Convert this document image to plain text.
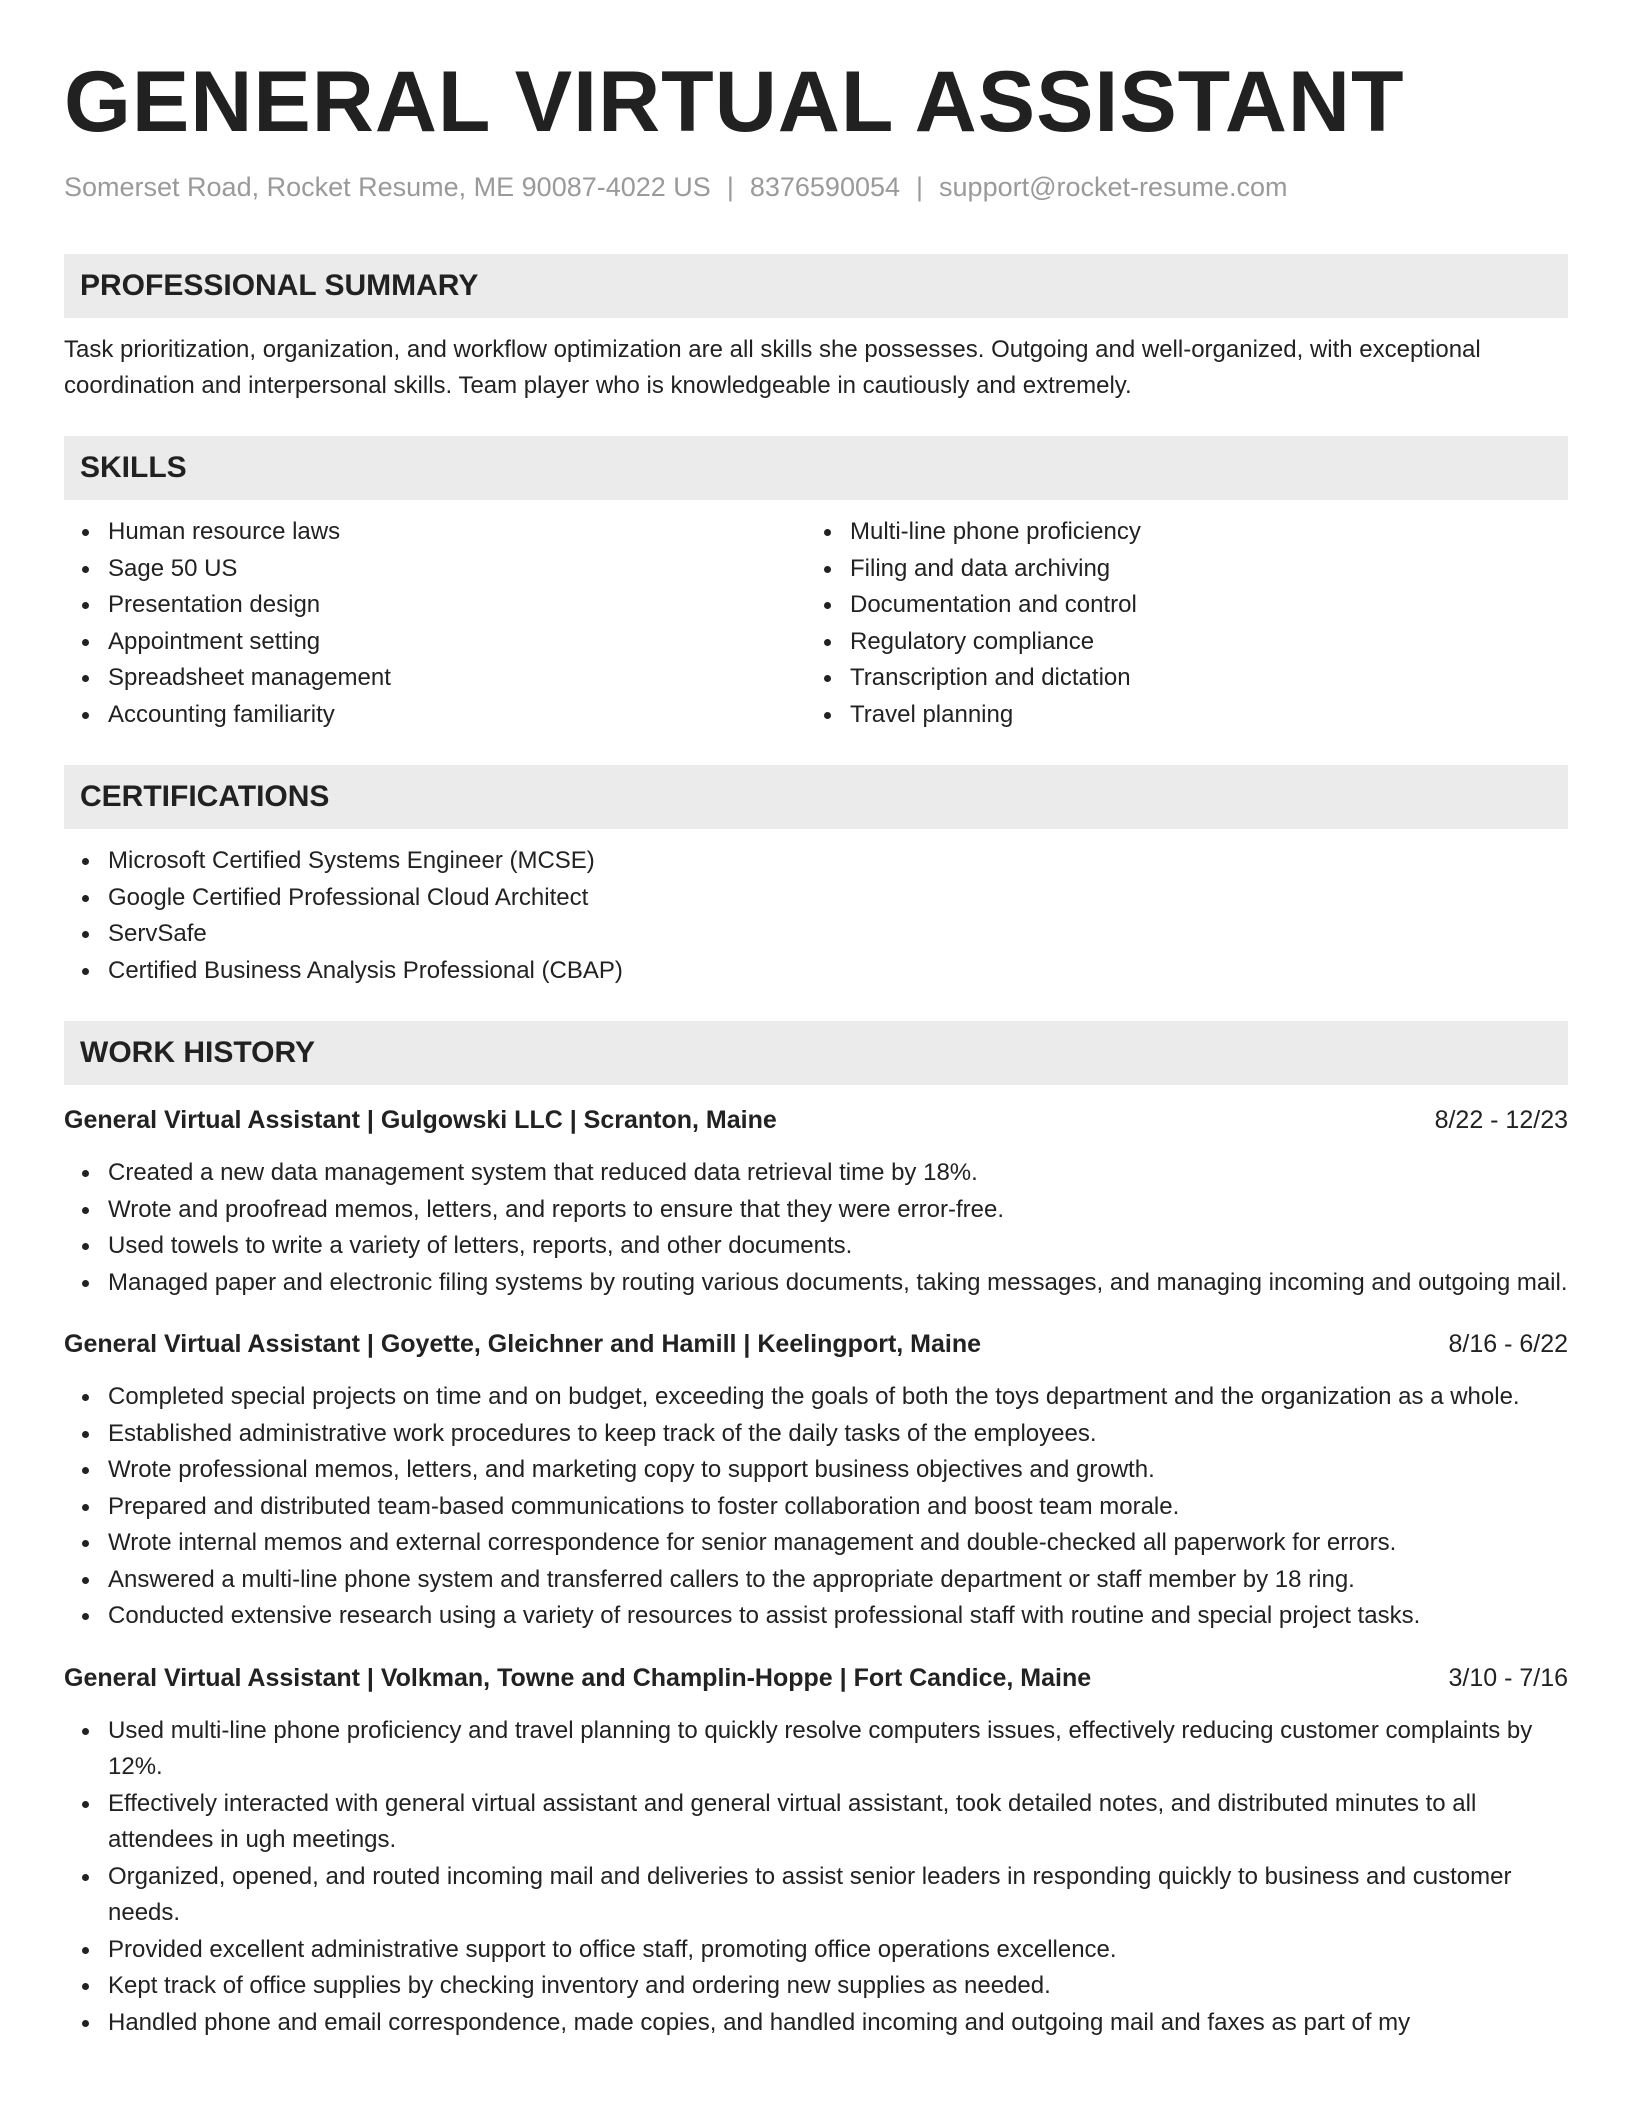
GENERAL VIRTUAL ASSISTANT
Somerset Road, Rocket Resume, ME 90087-4022 US | 8376590054 | support@rocket-resume.com
PROFESSIONAL SUMMARY

Task prioritization, organization, and workflow optimization are all skills she possesses. Outgoing and well-organized, with exceptional coordination and interpersonal skills. Team player who is knowledgeable in cautiously and extremely.

SKILLS
Human resource laws
Sage 50 US
Presentation design
Appointment setting
Spreadsheet management
Accounting familiarity
Multi-line phone proficiency
Filing and data archiving
Documentation and control
Regulatory compliance
Transcription and dictation
Travel planning
CERTIFICATIONS
Microsoft Certified Systems Engineer (MCSE)
Google Certified Professional Cloud Architect
ServSafe
Certified Business Analysis Professional (CBAP)
WORK HISTORY
General Virtual Assistant | Gulgowski LLC | Scranton, Maine	8/22 - 12/23
Created a new data management system that reduced data retrieval time by 18%.
Wrote and proofread memos, letters, and reports to ensure that they were error-free.
Used towels to write a variety of letters, reports, and other documents.
Managed paper and electronic filing systems by routing various documents, taking messages, and managing incoming and outgoing mail.
General Virtual Assistant | Goyette, Gleichner and Hamill | Keelingport, Maine	8/16 - 6/22
Completed special projects on time and on budget, exceeding the goals of both the toys department and the organization as a whole.
Established administrative work procedures to keep track of the daily tasks of the employees.
Wrote professional memos, letters, and marketing copy to support business objectives and growth.
Prepared and distributed team-based communications to foster collaboration and boost team morale.
Wrote internal memos and external correspondence for senior management and double-checked all paperwork for errors.
Answered a multi-line phone system and transferred callers to the appropriate department or staff member by 18 ring.
Conducted extensive research using a variety of resources to assist professional staff with routine and special project tasks.
General Virtual Assistant | Volkman, Towne and Champlin-Hoppe | Fort Candice, Maine	3/10 - 7/16
Used multi-line phone proficiency and travel planning to quickly resolve computers issues, effectively reducing customer complaints by 12%.
Effectively interacted with general virtual assistant and general virtual assistant, took detailed notes, and distributed minutes to all attendees in ugh meetings.
Organized, opened, and routed incoming mail and deliveries to assist senior leaders in responding quickly to business and customer needs.
Provided excellent administrative support to office staff, promoting office operations excellence.
Kept track of office supplies by checking inventory and ordering new supplies as needed.
Handled phone and email correspondence, made copies, and handled incoming and outgoing mail and faxes as part of my
